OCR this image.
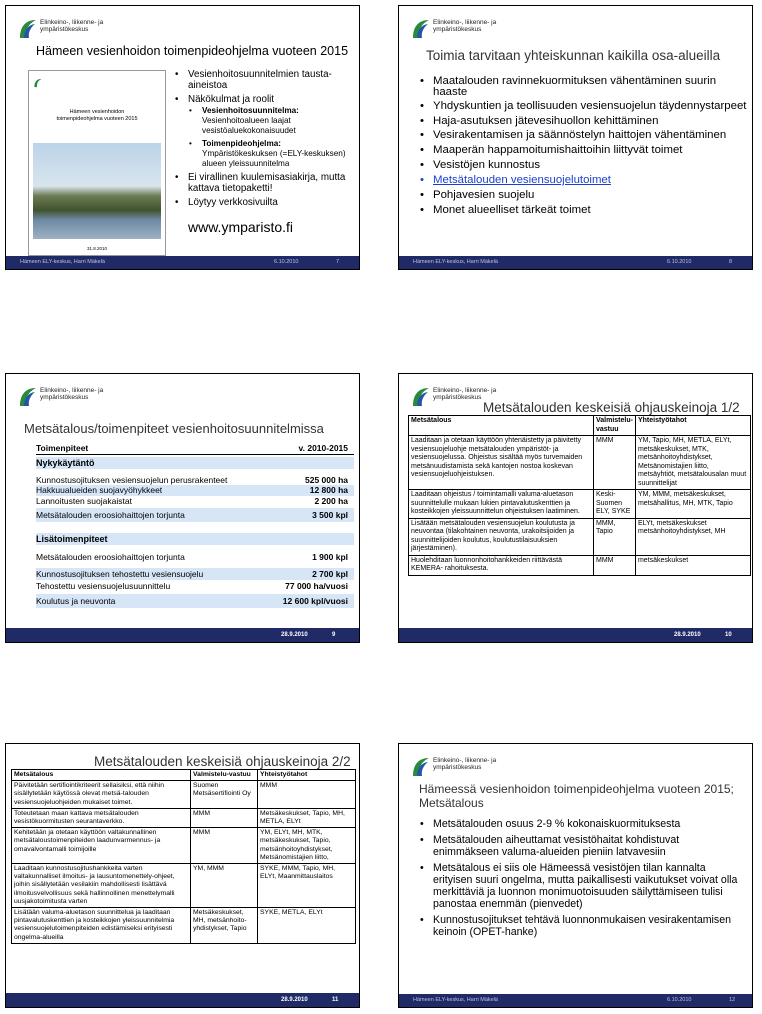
Elinkeino-, liikenne- ja
ympäristökeskus
Hämeen vesienhoidon toimenpideohjelma vuoteen 2015
Hämeen vesienhoidon
toimenpideohjelma vuoteen 2015
31.8.2010
• Vesienhoitosuunnitelmien tausta-aineistoa
• Näkökulmat ja roolit
• Vesienhoitosuunnitelma:
Vesienhoitoalueen laajat vesistöaluekokonaisuudet
• Toimenpideohjelma:
Ympäristökeskuksen (=ELY-keskuksen) alueen yleissuunnitelma
• Ei virallinen kuulemisasiakirja, mutta kattava tietopaketti!
• Löytyy verkkosivuilta
www.ymparisto.fi
Hämeen ELY-keskus, Harri Mäkelä	6.10.2010	7
Elinkeino-, liikenne- ja
ympäristökeskus
Toimia tarvitaan yhteiskunnan kaikilla osa-alueilla
• Maatalouden ravinnekuormituksen vähentäminen suurin haaste
• Yhdyskuntien ja teollisuuden vesiensuojelun täydennystarpeet
• Haja-asutuksen jätevesihuollon kehittäminen
• Vesirakentamisen ja säännöstelyn haittojen vähentäminen
• Maaperän happamoitumishaittoihin liittyvät toimet
• Vesistöjen kunnostus
• Metsätalouden vesiensuojelutoimet
• Pohjavesien suojelu
• Monet alueelliset tärkeät toimet
Hämeen ELY-keskus, Harri Mäkelä	6.10.2010	8
Elinkeino-, liikenne- ja
ympäristökeskus
Metsätalous/toimenpiteet vesienhoitosuunnitelmissa
Toimenpiteet	v. 2010-2015
Nykykäytäntö
Kunnostusojituksen vesiensuojelun perusrakenteet	525 000 ha
Hakkuualueiden suojavyöhykkeet	12 800 ha
Lannoitusten suojakaistat	2 200 ha
Metsätalouden eroosiohaittojen torjunta	3 500 kpl
Lisätoimenpiteet
Metsätalouden eroosiohaittojen torjunta	1 900 kpl
Kunnostusojituksen tehostettu vesiensuojelu	2 700 kpl
Tehostettu vesiensuojelusuunnittelu	77 000 ha/vuosi
Koulutus ja neuvonta	12 600 kpl/vuosi
28.9.2010	9
Elinkeino-, liikenne- ja
ympäristökeskus
Metsätalouden keskeisiä ohjauskeinoja 1/2
Metsätalous	Valmistelu-vastuu	Yhteistyötahot
Laaditaan ja otetaan käyttöön yhtenäistetty ja päivitetty vesiensuojeluohje metsätalouden ympäristöt- ja vesiensuojelussa. Ohjeistus sisältää myös turvemaiden metsänuudistamista sekä kantojen nostoa koskevan vesiensuojeluohjeistuksen.	MMM	YM, Tapio, MH, METLA, ELYt, metsäkeskukset, MTK, metsänhoitoyhdistykset, Metsänomistajien liitto, metsäyhtiöt, metsätalousalan muut suunnittelijat
Laaditaan ohjeistus / toimintamalli valuma-aluetason suunnittelulle mukaan lukien pintavalutuskenttien ja kosteikkojen yleissuunnittelun ohjeistuksen laatiminen.	Keski-Suomen ELY, SYKE	YM, MMM, metsäkeskukset, metsähallitus, MH, MTK, Tapio
Lisätään metsätalouden vesiensuojelun koulutusta ja neuvontaa (tilakohtainen neuvonta, urakoitsijoiden ja suunnittelijoiden koulutus, koulutustilaisuuksien järjestäminen).	MMM, Tapio	ELYt, metsäkeskukset metsänhoitoyhdistykset, MH
Huolehditaan luonnonhoitohankkeiden riittävästä KEMERA- rahoituksesta.	MMM	metsäkeskukset
28.9.2010	10
Metsätalouden keskeisiä ohjauskeinoja 2/2
Metsätalous	Valmistelu-vastuu	Yhteistyötahot
Päivitetään sertifiointikriteerit sellaisiksi, että niihin sisällytetään käytössä olevat metsä-talouden vesiensuojeluohjeiden mukaiset toimet.	Suomen Metsäsertifiointi Oy	MMM
Toteutetaan maan kattava metsätalouden vesistökuormitusten seurantaverkko.	MMM	Metsäkeskukset, Tapio, MH, METLA, ELYt
Kehitetään ja otetaan käyttöön valtakunnallinen metsätaloustoimenpiteiden laadunvarmennus- ja omavalvontamalli toimijoille	MMM	YM, ELYt, MH, MTK, metsäkeskukset, Tapio, metsänhoitoyhdistykset, Metsänomistajien liitto,
Laaditaan kunnostusojitushankkeita varten valtakunnalliset ilmoitus- ja lausuntomenettely-ohjeet, joihin sisällytetään vesilakiin mahdollisesti lisättävä ilmoitusvelvollisuus sekä hallinnollinen menettelymalli uusjakotoimitusta varten	YM, MMM	SYKE, MMM, Tapio, MH, ELYt, Maanmittauslaitos
Lisätään valuma-aluetason suunnittelua ja laaditaan pintavalutuskenttien ja kosteikkojen yleissuunnitelmia vesiensuojelutoimenpiteiden edistämiseksi erityisesti ongelma-alueilla	Metsäkeskukset, MH, metsänhoito-yhdistykset, Tapio	SYKE, METLA, ELYt
28.9.2010	11
Elinkeino-, liikenne- ja
ympäristökeskus
Hämeessä vesienhoidon toimenpideohjelma vuoteen 2015; Metsätalous
• Metsätalouden osuus 2-9 % kokonaiskuormituksesta
• Metsätalouden aiheuttamat vesistöhaitat kohdistuvat enimmäkseen valuma-alueiden pieniin latvavesiin
• Metsätalous ei siis ole Hämeessä vesistöjen tilan kannalta erityisen suuri ongelma, mutta paikallisesti vaikutukset voivat olla merkittäviä ja luonnon monimuotoisuuden säilyttämiseen tulisi panostaa enemmän (pienvedet)
• Kunnostusojitukset tehtävä luonnonmukaisen vesirakentamisen keinoin (OPET-hanke)
Hämeen ELY-keskus, Harri Mäkelä	6.10.2010	12
